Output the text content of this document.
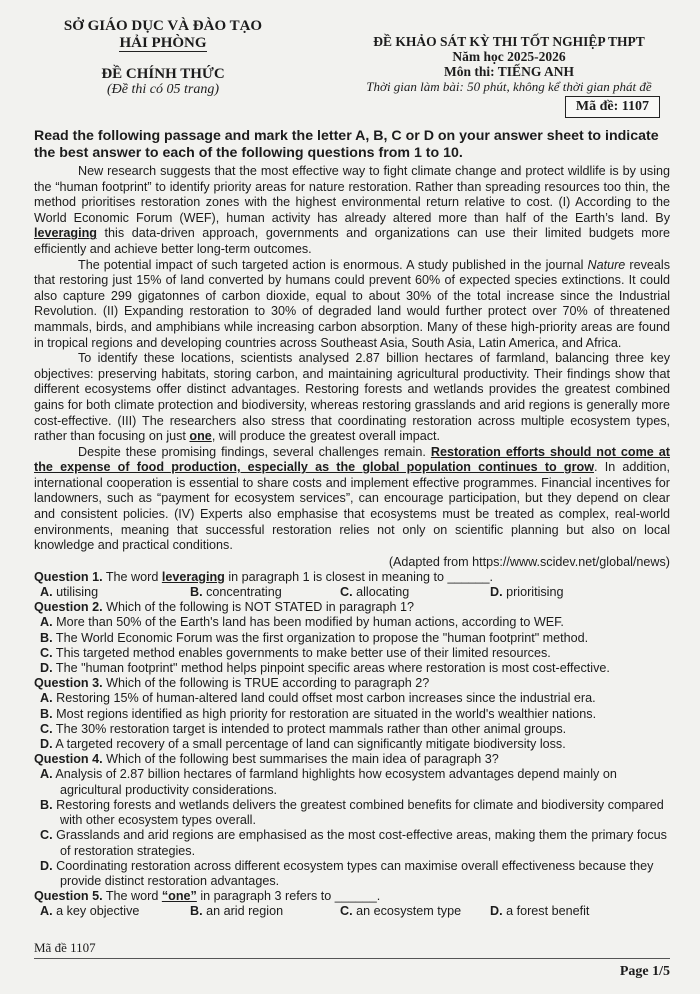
SỞ GIÁO DỤC VÀ ĐÀO TẠO
HẢI PHÒNG
ĐỀ CHÍNH THỨC
(Đề thi có 05 trang)
ĐỀ KHẢO SÁT KỲ THI TỐT NGHIỆP THPT
Năm học 2025-2026
Môn thi: TIẾNG ANH
Thời gian làm bài: 50 phút, không kể thời gian phát đề
Mã đề: 1107
Read the following passage and mark the letter A, B, C or D on your answer sheet to indicate the best answer to each of the following questions from 1 to 10.

New research suggests that the most effective way to fight climate change and protect wildlife is by using the “human footprint” to identify priority areas for nature restoration. Rather than spreading resources too thin, the method prioritises restoration zones with the highest environmental return relative to cost. (I) According to the World Economic Forum (WEF), human activity has already altered more than half of the Earth’s land. By leveraging this data-driven approach, governments and organizations can use their limited budgets more efficiently and achieve better long-term outcomes.

The potential impact of such targeted action is enormous. A study published in the journal Nature reveals that restoring just 15% of land converted by humans could prevent 60% of expected species extinctions. It could also capture 299 gigatonnes of carbon dioxide, equal to about 30% of the total increase since the Industrial Revolution. (II) Expanding restoration to 30% of degraded land would further protect over 70% of threatened mammals, birds, and amphibians while increasing carbon absorption. Many of these high-priority areas are found in tropical regions and developing countries across Southeast Asia, South Asia, Latin America, and Africa.

To identify these locations, scientists analysed 2.87 billion hectares of farmland, balancing three key objectives: preserving habitats, storing carbon, and maintaining agricultural productivity. Their findings show that different ecosystems offer distinct advantages. Restoring forests and wetlands provides the greatest combined gains for both climate protection and biodiversity, whereas restoring grasslands and arid regions is generally more cost-effective. (III) The researchers also stress that coordinating restoration across multiple ecosystem types, rather than focusing on just one, will produce the greatest overall impact.

Despite these promising findings, several challenges remain. Restoration efforts should not come at the expense of food production, especially as the global population continues to grow. In addition, international cooperation is essential to share costs and implement effective programmes. Financial incentives for landowners, such as “payment for ecosystem services”, can encourage participation, but they depend on clear and consistent policies. (IV) Experts also emphasise that ecosystems must be treated as complex, real-world environments, meaning that successful restoration relies not only on scientific planning but also on local knowledge and practical conditions.

(Adapted from https://www.scidev.net/global/news)
Question 1. The word leveraging in paragraph 1 is closest in meaning to ______.
A. utilising	B. concentrating	C. allocating	D. prioritising
Question 2. Which of the following is NOT STATED in paragraph 1?
A. More than 50% of the Earth's land has been modified by human actions, according to WEF.
B. The World Economic Forum was the first organization to propose the "human footprint" method.
C. This targeted method enables governments to make better use of their limited resources.
D. The "human footprint" method helps pinpoint specific areas where restoration is most cost-effective.
Question 3. Which of the following is TRUE according to paragraph 2?
A. Restoring 15% of human-altered land could offset most carbon increases since the industrial era.
B. Most regions identified as high priority for restoration are situated in the world's wealthier nations.
C. The 30% restoration target is intended to protect mammals rather than other animal groups.
D. A targeted recovery of a small percentage of land can significantly mitigate biodiversity loss.
Question 4. Which of the following best summarises the main idea of paragraph 3?
A. Analysis of 2.87 billion hectares of farmland highlights how ecosystem advantages depend mainly on agricultural productivity considerations.
B. Restoring forests and wetlands delivers the greatest combined benefits for climate and biodiversity compared with other ecosystem types overall.
C. Grasslands and arid regions are emphasised as the most cost-effective areas, making them the primary focus of restoration strategies.
D. Coordinating restoration across different ecosystem types can maximise overall effectiveness because they provide distinct restoration advantages.
Question 5. The word “one” in paragraph 3 refers to ______.
A. a key objective	B. an arid region	C. an ecosystem type	D. a forest benefit
Mã đề 1107
Page 1/5
